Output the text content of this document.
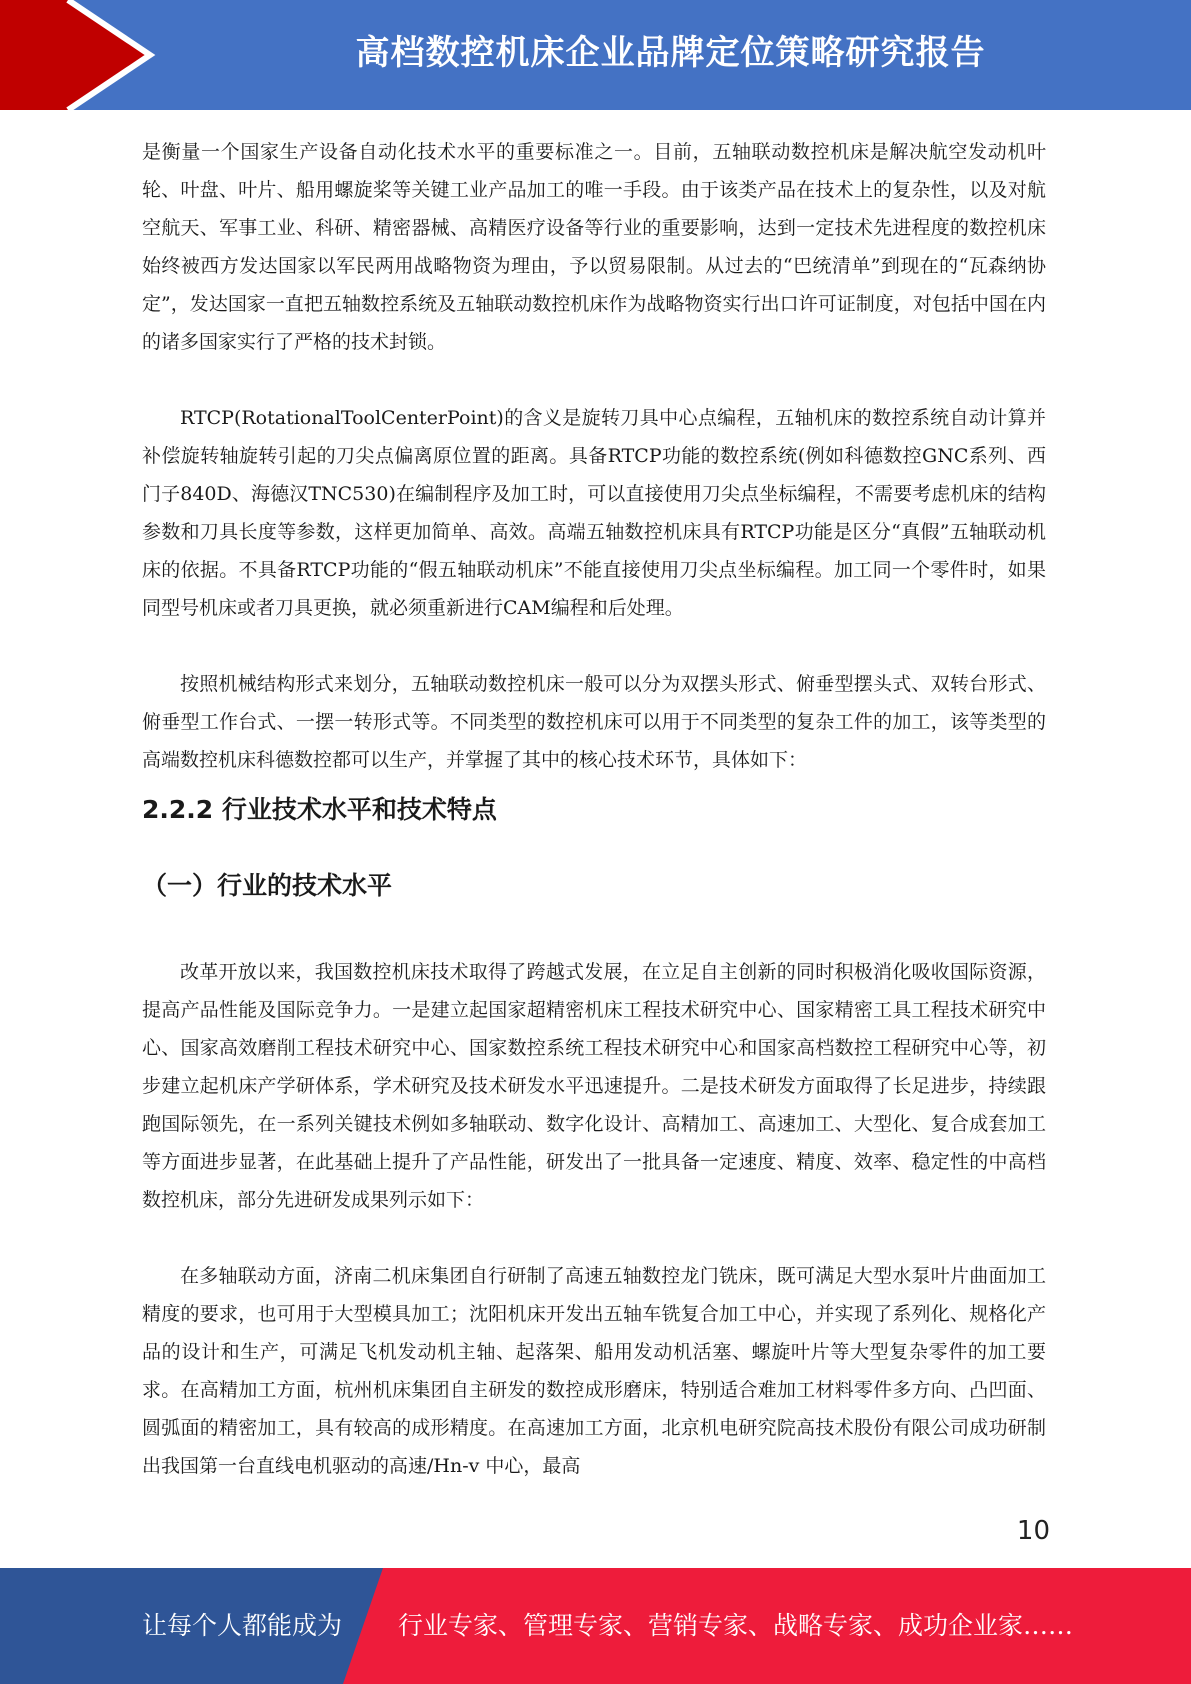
高档数控机床企业品牌定位策略研究报告

是衡量一个国家生产设备自动化技术水平的重要标准之一。目前，五轴联动数控机床是解决航空发动机叶轮、叶盘、叶片、船用螺旋桨等关键工业产品加工的唯一手段。由于该类产品在技术上的复杂性，以及对航空航天、军事工业、科研、精密器械、高精医疗设备等行业的重要影响，达到一定技术先进程度的数控机床始终被西方发达国家以军民两用战略物资为理由，予以贸易限制。从过去的“巴统清单”到现在的“瓦森纳协定”，发达国家一直把五轴数控系统及五轴联动数控机床作为战略物资实行出口许可证制度，对包括中国在内的诸多国家实行了严格的技术封锁。

RTCP(RotationalToolCenterPoint)的含义是旋转刀具中心点编程，五轴机床的数控系统自动计算并补偿旋转轴旋转引起的刀尖点偏离原位置的距离。具备RTCP功能的数控系统(例如科德数控GNC系列、西门子840D、海德汉TNC530)在编制程序及加工时，可以直接使用刀尖点坐标编程，不需要考虑机床的结构参数和刀具长度等参数，这样更加简单、高效。高端五轴数控机床具有RTCP功能是区分“真假”五轴联动机床的依据。不具备RTCP功能的“假五轴联动机床”不能直接使用刀尖点坐标编程。加工同一个零件时，如果同型号机床或者刀具更换，就必须重新进行CAM编程和后处理。

按照机械结构形式来划分，五轴联动数控机床一般可以分为双摆头形式、俯垂型摆头式、双转台形式、俯垂型工作台式、一摆一转形式等。不同类型的数控机床可以用于不同类型的复杂工件的加工，该等类型的高端数控机床科德数控都可以生产，并掌握了其中的核心技术环节，具体如下：

2.2.2 行业技术水平和技术特点
（一）行业的技术水平

改革开放以来，我国数控机床技术取得了跨越式发展，在立足自主创新的同时积极消化吸收国际资源，提高产品性能及国际竞争力。一是建立起国家超精密机床工程技术研究中心、国家精密工具工程技术研究中心、国家高效磨削工程技术研究中心、国家数控系统工程技术研究中心和国家高档数控工程研究中心等，初步建立起机床产学研体系，学术研究及技术研发水平迅速提升。二是技术研发方面取得了长足进步，持续跟跑国际领先，在一系列关键技术例如多轴联动、数字化设计、高精加工、高速加工、大型化、复合成套加工等方面进步显著，在此基础上提升了产品性能，研发出了一批具备一定速度、精度、效率、稳定性的中高档数控机床，部分先进研发成果列示如下：

在多轴联动方面，济南二机床集团自行研制了高速五轴数控龙门铣床，既可满足大型水泵叶片曲面加工精度的要求，也可用于大型模具加工；沈阳机床开发出五轴车铣复合加工中心，并实现了系列化、规格化产品的设计和生产，可满足飞机发动机主轴、起落架、船用发动机活塞、螺旋叶片等大型复杂零件的加工要求。在高精加工方面，杭州机床集团自主研发的数控成形磨床，特别适合难加工材料零件多方向、凸凹面、圆弧面的精密加工，具有较高的成形精度。在高速加工方面，北京机电研究院高技术股份有限公司成功研制出我国第一台直线电机驱动的高速/Hn-v 中心，最高

10
让每个人都能成为 行业专家、管理专家、营销专家、战略专家、成功企业家……
